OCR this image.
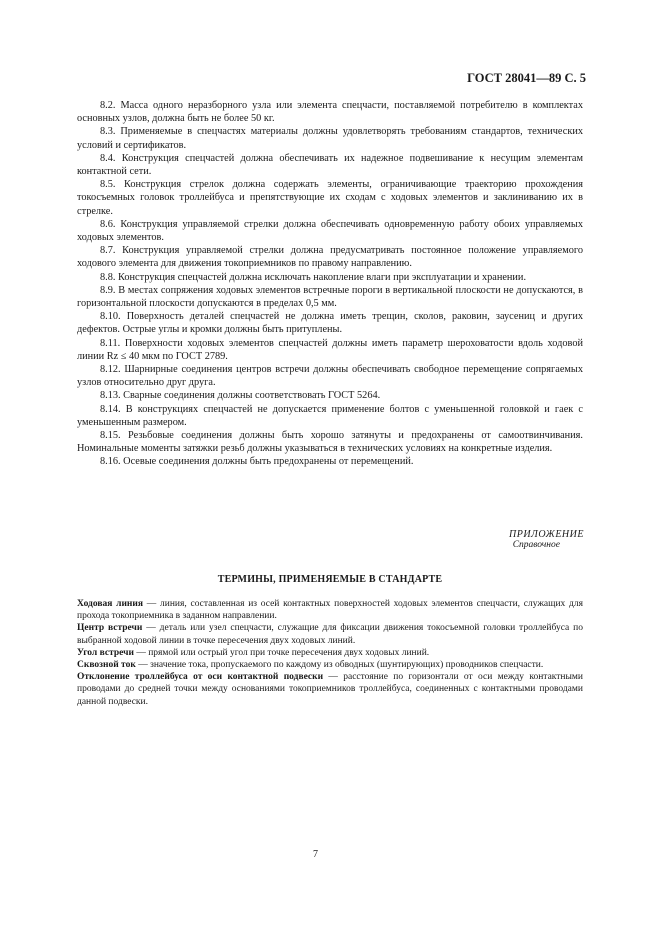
ГОСТ 28041—89 С. 5

8.2. Масса одного неразборного узла или элемента спецчасти, поставляемой потребителю в комплектах основных узлов, должна быть не более 50 кг.

8.3. Применяемые в спецчастях материалы должны удовлетворять требованиям стандартов, технических условий и сертификатов.

8.4. Конструкция спецчастей должна обеспечивать их надежное подвешивание к несущим элементам контактной сети.

8.5. Конструкция стрелок должна содержать элементы, ограничивающие траекторию прохождения токосъемных головок троллейбуса и препятствующие их сходам с ходовых элементов и заклиниванию их в стрелке.

8.6. Конструкция управляемой стрелки должна обеспечивать одновременную работу обоих управляемых ходовых элементов.

8.7. Конструкция управляемой стрелки должна предусматривать постоянное положение управляемого ходового элемента для движения токоприемников по правому направлению.

8.8. Конструкция спецчастей должна исключать накопление влаги при эксплуатации и хранении.

8.9. В местах сопряжения ходовых элементов встречные пороги в вертикальной плоскости не допускаются, в горизонтальной плоскости допускаются в пределах 0,5 мм.

8.10. Поверхность деталей спецчастей не должна иметь трещин, сколов, раковин, заусениц и других дефектов. Острые углы и кромки должны быть притуплены.

8.11. Поверхности ходовых элементов спецчастей должны иметь параметр шероховатости вдоль ходовой линии Rz ≤ 40 мкм по ГОСТ 2789.

8.12. Шарнирные соединения центров встречи должны обеспечивать свободное перемещение сопрягаемых узлов относительно друг друга.

8.13. Сварные соединения должны соответствовать ГОСТ 5264.

8.14. В конструкциях спецчастей не допускается применение болтов с уменьшенной головкой и гаек с уменьшенным размером.

8.15. Резьбовые соединения должны быть хорошо затянуты и предохранены от самоотвинчивания. Номинальные моменты затяжки резьб должны указываться в технических условиях на конкретные изделия.

8.16. Осевые соединения должны быть предохранены от перемещений.

ПРИЛОЖЕНИЕ
Справочное
ТЕРМИНЫ, ПРИМЕНЯЕМЫЕ В СТАНДАРТЕ

Ходовая линия — линия, составленная из осей контактных поверхностей ходовых элементов спецчасти, служащих для прохода токоприемника в заданном направлении.

Центр встречи — деталь или узел спецчасти, служащие для фиксации движения токосъемной головки троллейбуса по выбранной ходовой линии в точке пересечения двух ходовых линий.

Угол встречи — прямой или острый угол при точке пересечения двух ходовых линий.

Сквозной ток — значение тока, пропускаемого по каждому из обводных (шунтирующих) проводников спецчасти.

Отклонение троллейбуса от оси контактной подвески — расстояние по горизонтали от оси между контактными проводами до средней точки между основаниями токоприемников троллейбуса, соединенных с контактными проводами данной подвески.

7
